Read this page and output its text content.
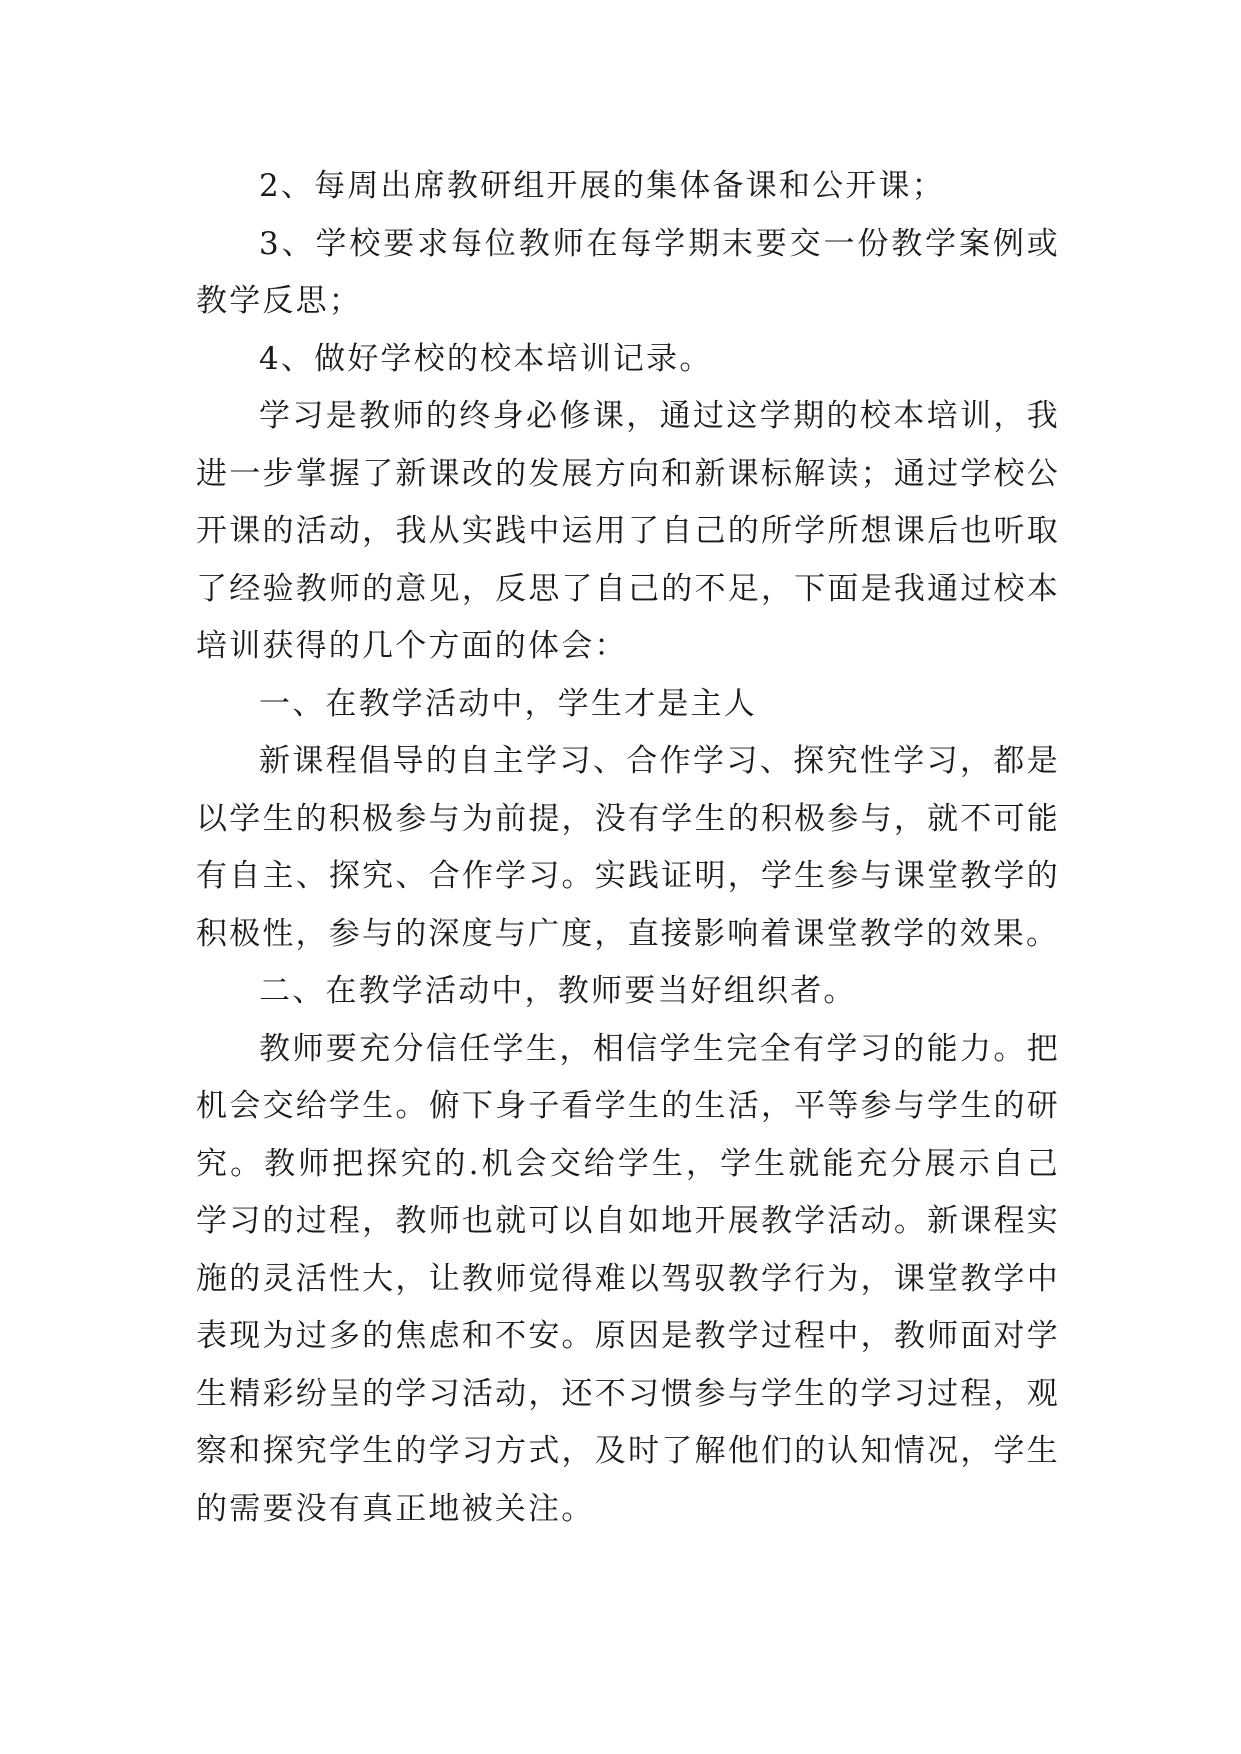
2、每周出席教研组开展的集体备课和公开课；

3、学校要求每位教师在每学期末要交一份教学案例或教学反思；

4、做好学校的校本培训记录。

学习是教师的终身必修课，通过这学期的校本培训，我进一步掌握了新课改的发展方向和新课标解读；通过学校公开课的活动，我从实践中运用了自己的所学所想课后也听取了经验教师的意见，反思了自己的不足，下面是我通过校本培训获得的几个方面的体会：

一、在教学活动中，学生才是主人

新课程倡导的自主学习、合作学习、探究性学习，都是以学生的积极参与为前提，没有学生的积极参与，就不可能有自主、探究、合作学习。实践证明，学生参与课堂教学的积极性，参与的深度与广度，直接影响着课堂教学的效果。

二、在教学活动中，教师要当好组织者。

教师要充分信任学生，相信学生完全有学习的能力。把机会交给学生。俯下身子看学生的生活，平等参与学生的研究。教师把探究的.机会交给学生，学生就能充分展示自己学习的过程，教师也就可以自如地开展教学活动。新课程实施的灵活性大，让教师觉得难以驾驭教学行为，课堂教学中表现为过多的焦虑和不安。原因是教学过程中，教师面对学生精彩纷呈的学习活动，还不习惯参与学生的学习过程，观察和探究学生的学习方式，及时了解他们的认知情况，学生的需要没有真正地被关注。
